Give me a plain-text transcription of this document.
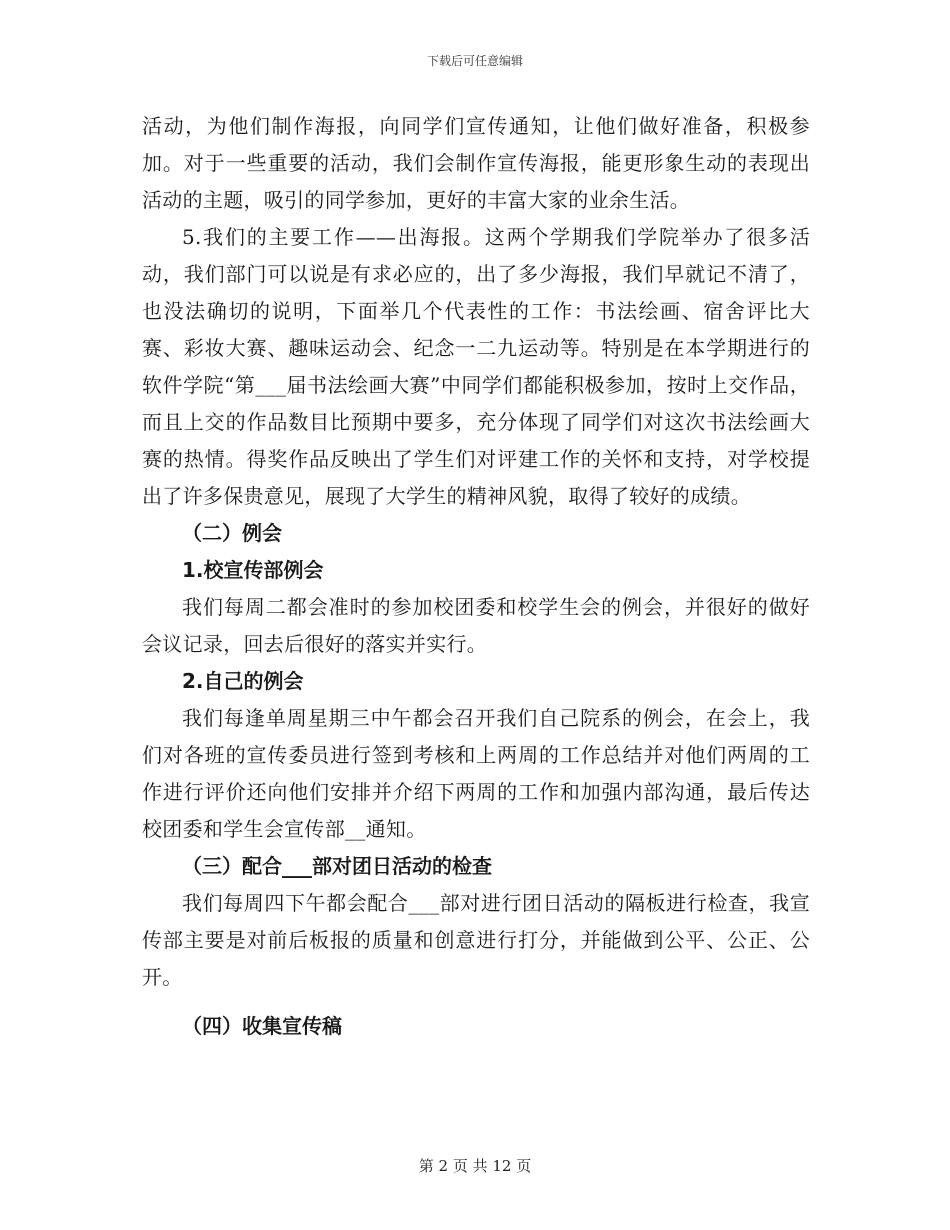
下载后可任意编辑

活动，为他们制作海报，向同学们宣传通知，让他们做好准备，积极参加。对于一些重要的活动，我们会制作宣传海报，能更形象生动的表现出活动的主题，吸引的同学参加，更好的丰富大家的业余生活。

5.我们的主要工作——出海报。这两个学期我们学院举办了很多活动，我们部门可以说是有求必应的，出了多少海报，我们早就记不清了，也没法确切的说明，下面举几个代表性的工作：书法绘画、宿舍评比大赛、彩妆大赛、趣味运动会、纪念一二九运动等。特别是在本学期进行的软件学院“第___届书法绘画大赛”中同学们都能积极参加，按时上交作品，而且上交的作品数目比预期中要多，充分体现了同学们对这次书法绘画大赛的热情。得奖作品反映出了学生们对评建工作的关怀和支持，对学校提出了许多保贵意见，展现了大学生的精神风貌，取得了较好的成绩。

（二）例会

1.校宣传部例会

我们每周二都会准时的参加校团委和校学生会的例会，并很好的做好会议记录，回去后很好的落实并实行。

2.自己的例会

我们每逢单周星期三中午都会召开我们自己院系的例会，在会上，我们对各班的宣传委员进行签到考核和上两周的工作总结并对他们两周的工作进行评价还向他们安排并介绍下两周的工作和加强内部沟通，最后传达校团委和学生会宣传部__通知。

（三）配合___部对团日活动的检查

我们每周四下午都会配合___部对进行团日活动的隔板进行检查，我宣传部主要是对前后板报的质量和创意进行打分，并能做到公平、公正、公开。

（四）收集宣传稿

第 2 页 共 12 页
